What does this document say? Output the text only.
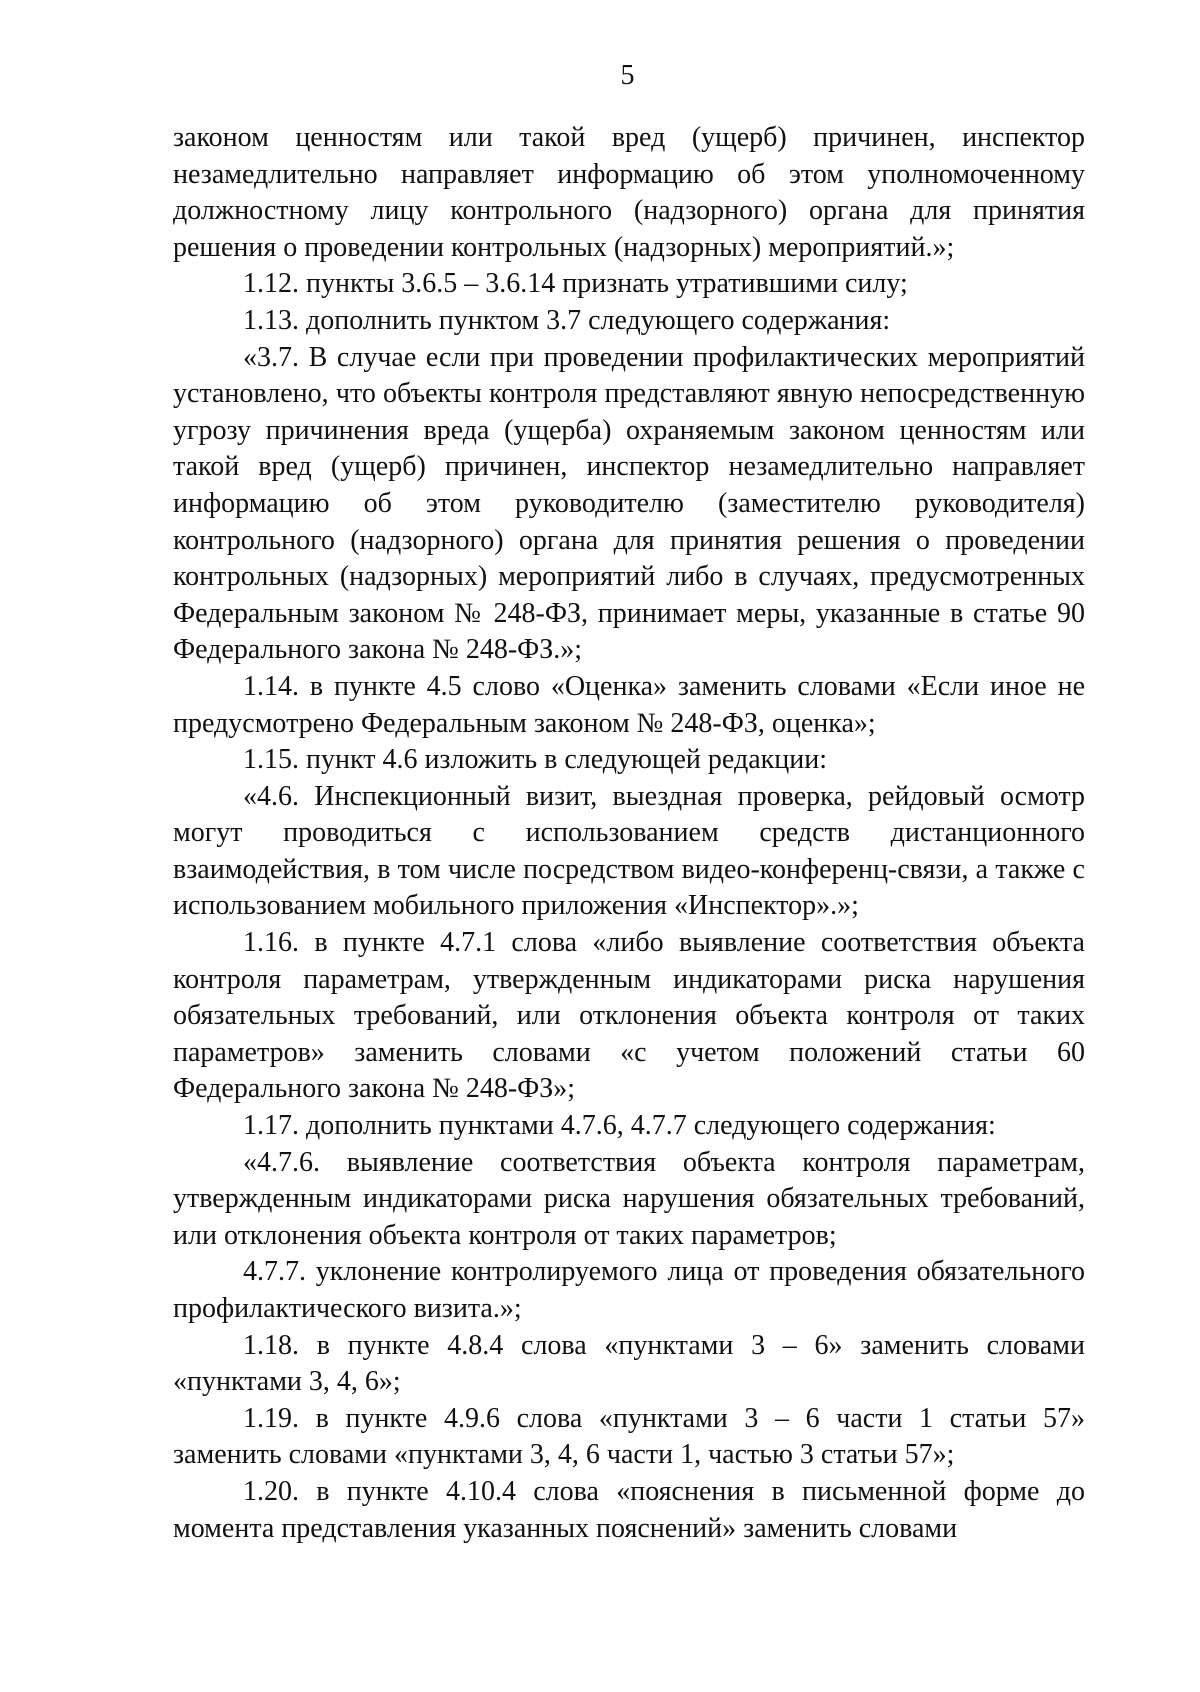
5

законом ценностям или такой вред (ущерб) причинен, инспектор незамедлительно направляет информацию об этом уполномоченному должностному лицу контрольного (надзорного) органа для принятия решения о проведении контрольных (надзорных) мероприятий.»;

1.12. пункты 3.6.5 – 3.6.14 признать утратившими силу;

1.13. дополнить пунктом 3.7 следующего содержания:

«3.7. В случае если при проведении профилактических мероприятий установлено, что объекты контроля представляют явную непосредственную угрозу причинения вреда (ущерба) охраняемым законом ценностям или такой вред (ущерб) причинен, инспектор незамедлительно направляет информацию об этом руководителю (заместителю руководителя) контрольного (надзорного) органа для принятия решения о проведении контрольных (надзорных) мероприятий либо в случаях, предусмотренных Федеральным законом № 248-ФЗ, принимает меры, указанные в статье 90 Федерального закона № 248-ФЗ.»;

1.14. в пункте 4.5 слово «Оценка» заменить словами «Если иное не предусмотрено Федеральным законом № 248-ФЗ, оценка»;

1.15. пункт 4.6 изложить в следующей редакции:

«4.6. Инспекционный визит, выездная проверка, рейдовый осмотр могут проводиться с использованием средств дистанционного взаимодействия, в том числе посредством видео-конференц-связи, а также с использованием мобильного приложения «Инспектор».»;

1.16. в пункте 4.7.1 слова «либо выявление соответствия объекта контроля параметрам, утвержденным индикаторами риска нарушения обязательных требований, или отклонения объекта контроля от таких параметров» заменить словами «с учетом положений статьи 60 Федерального закона № 248-ФЗ»;

1.17. дополнить пунктами 4.7.6, 4.7.7 следующего содержания:

«4.7.6. выявление соответствия объекта контроля параметрам, утвержденным индикаторами риска нарушения обязательных требований, или отклонения объекта контроля от таких параметров;

4.7.7. уклонение контролируемого лица от проведения обязательного профилактического визита.»;

1.18. в пункте 4.8.4 слова «пунктами 3 – 6» заменить словами «пунктами 3, 4, 6»;

1.19. в пункте 4.9.6 слова «пунктами 3 – 6 части 1 статьи 57» заменить словами «пунктами 3, 4, 6 части 1, частью 3 статьи 57»;

1.20. в пункте 4.10.4 слова «пояснения в письменной форме до момента представления указанных пояснений» заменить словами
